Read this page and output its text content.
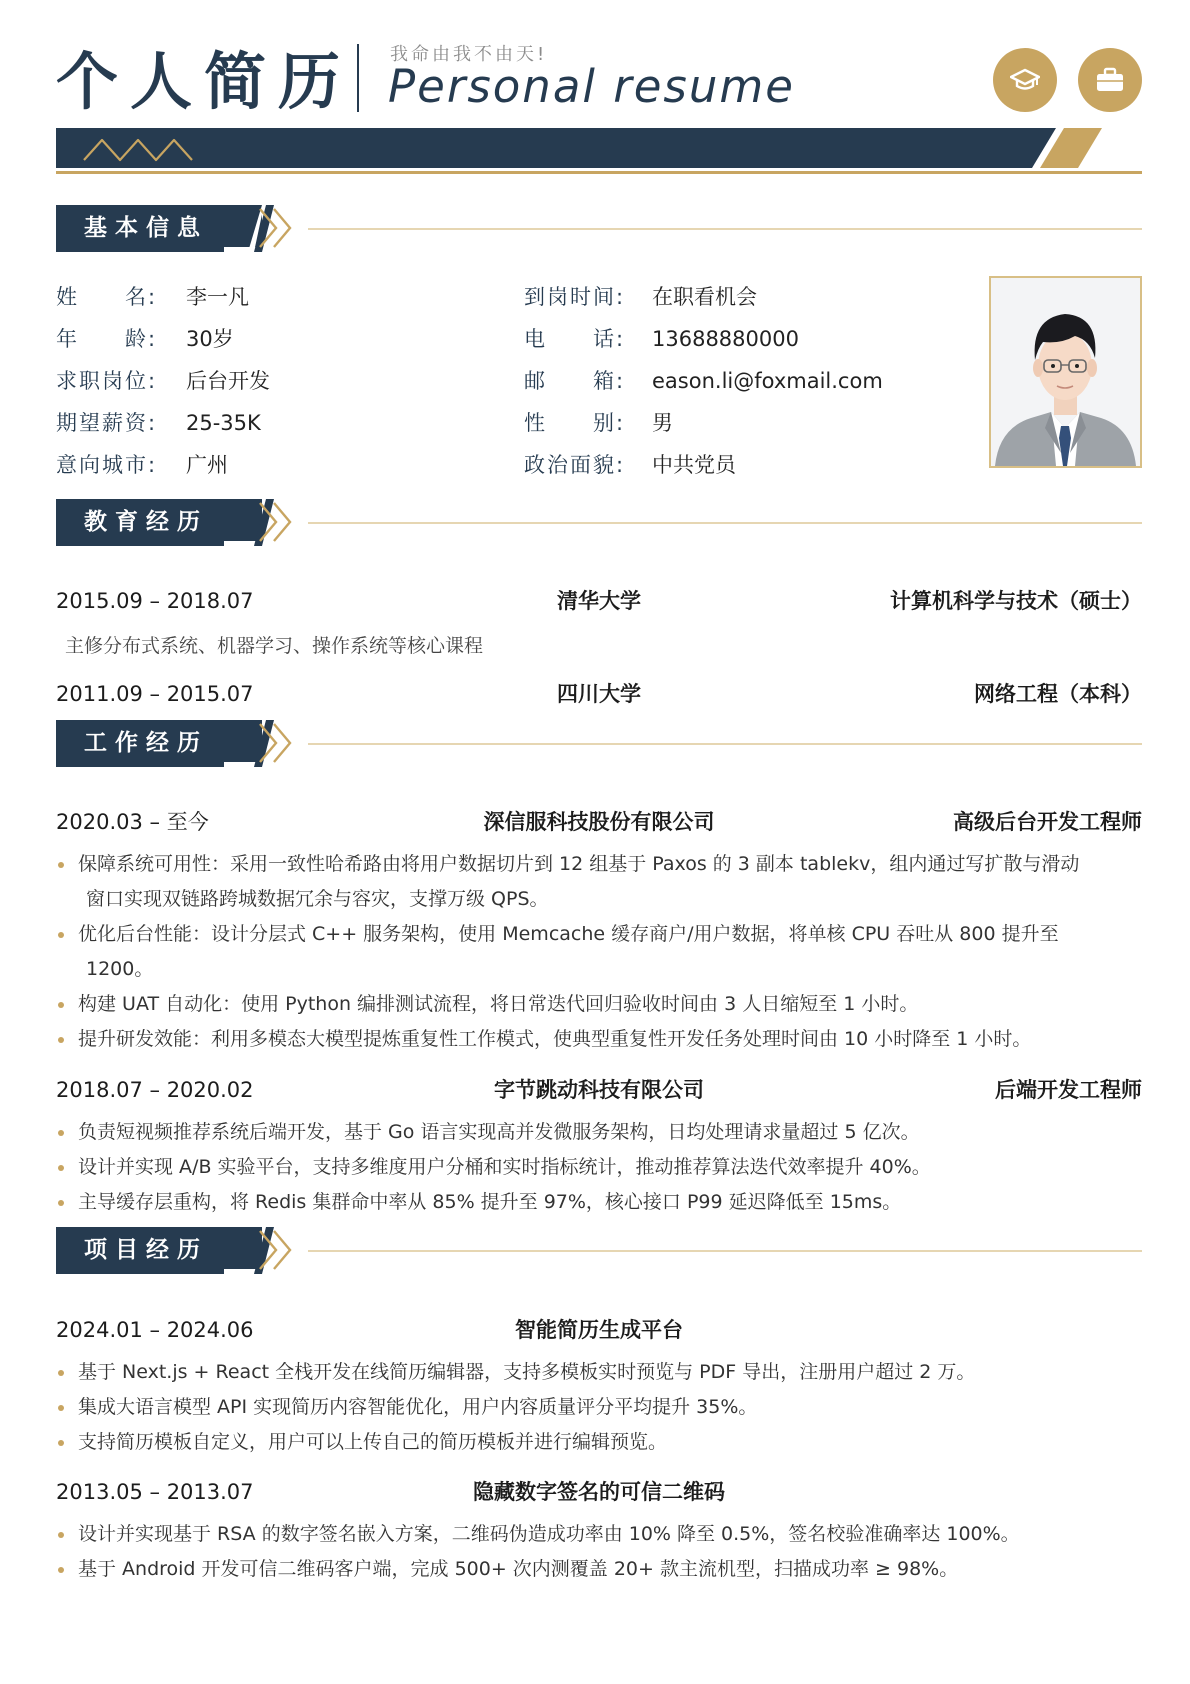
个人简历 我命由我不由天!
Personal resume
基本信息
姓　　名: 李一凡
年　　龄: 30岁
求职岗位: 后台开发
期望薪资: 25-35K
意向城市: 广州
到岗时间: 在职看机会
电　　话: 13688880000
邮　　箱: eason.li@foxmail.com
性　　别: 男
政治面貌: 中共党员
教育经历
2015.09 – 2018.07	清华大学	计算机科学与技术（硕士）
主修分布式系统、机器学习、操作系统等核心课程
2011.09 – 2015.07	四川大学	网络工程（本科）
工作经历
2020.03 – 至今	深信服科技股份有限公司	高级后台开发工程师
保障系统可用性：采用一致性哈希路由将用户数据切片到 12 组基于 Paxos 的 3 副本 tablekv，组内通过写扩散与滑动
窗口实现双链路跨城数据冗余与容灾，支撑万级 QPS。
优化后台性能：设计分层式 C++ 服务架构，使用 Memcache 缓存商户/用户数据，将单核 CPU 吞吐从 800 提升至
1200。
构建 UAT 自动化：使用 Python 编排测试流程，将日常迭代回归验收时间由 3 人日缩短至 1 小时。
提升研发效能：利用多模态大模型提炼重复性工作模式，使典型重复性开发任务处理时间由 10 小时降至 1 小时。
2018.07 – 2020.02	字节跳动科技有限公司	后端开发工程师
负责短视频推荐系统后端开发，基于 Go 语言实现高并发微服务架构，日均处理请求量超过 5 亿次。
设计并实现 A/B 实验平台，支持多维度用户分桶和实时指标统计，推动推荐算法迭代效率提升 40%。
主导缓存层重构，将 Redis 集群命中率从 85% 提升至 97%，核心接口 P99 延迟降低至 15ms。
项目经历
2024.01 – 2024.06	智能简历生成平台
基于 Next.js + React 全栈开发在线简历编辑器，支持多模板实时预览与 PDF 导出，注册用户超过 2 万。
集成大语言模型 API 实现简历内容智能优化，用户内容质量评分平均提升 35%。
支持简历模板自定义，用户可以上传自己的简历模板并进行编辑预览。
2013.05 – 2013.07	隐藏数字签名的可信二维码
设计并实现基于 RSA 的数字签名嵌入方案，二维码伪造成功率由 10% 降至 0.5%，签名校验准确率达 100%。
基于 Android 开发可信二维码客户端，完成 500+ 次内测覆盖 20+ 款主流机型，扫描成功率 ≥ 98%。
